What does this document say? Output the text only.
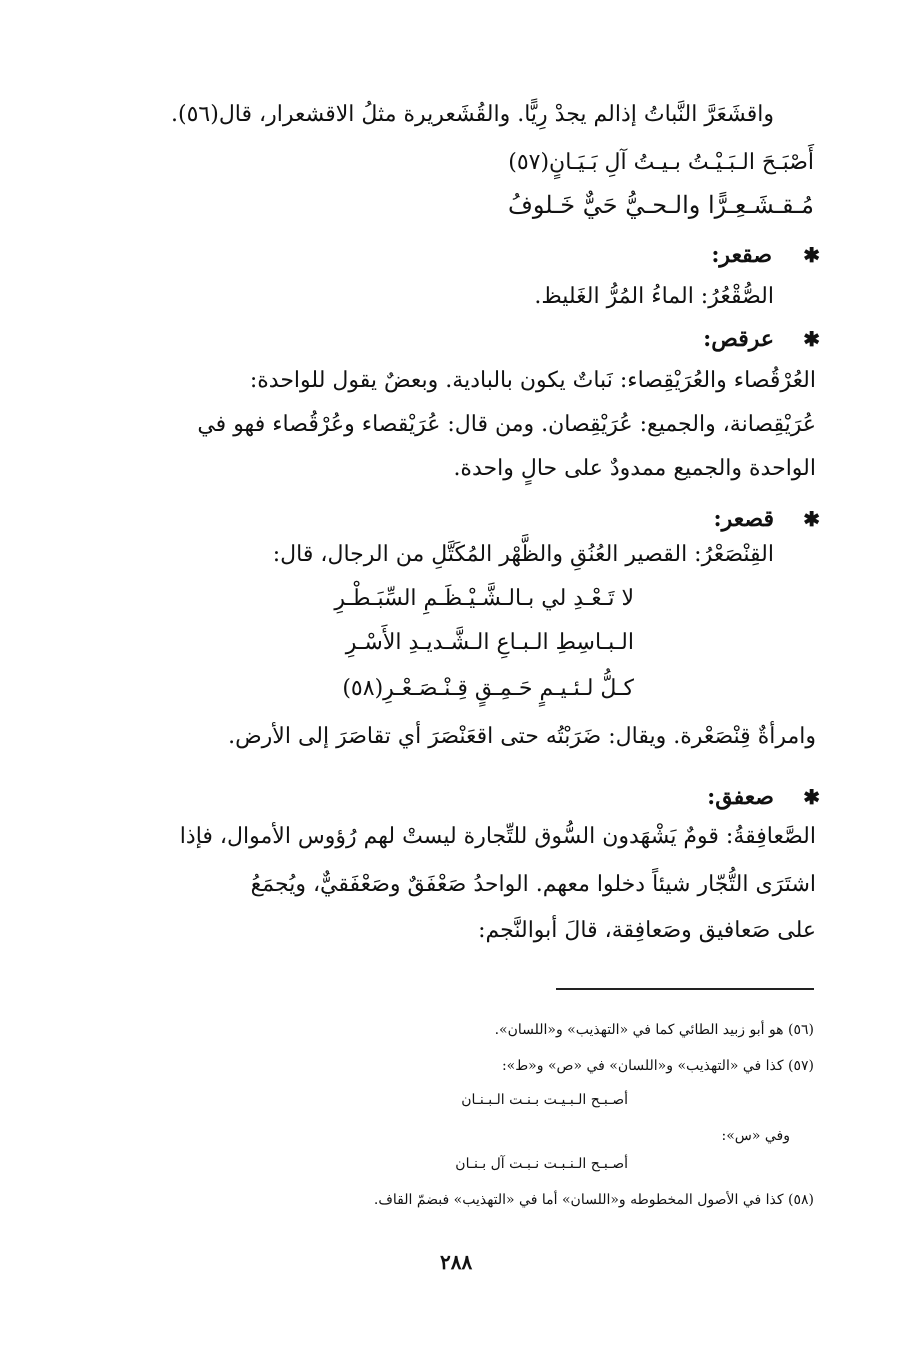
واقشَعَرَّ النَّباتُ إذالم يجدْ رِيًّا. والقُشَعريرة مثلُ الاقشعرار، قال(٥٦).
أَصْبَـحَ الـبَـيْـتُ بـيـتُ آلِ بَـيَـانٍ(٥٧)
مُـقـشَـعِـرًّا والـحـيُّ حَيٌّ خَـلوفُ
✱
صقعر:
الصُّقْعُرُ: الماءُ المُرُّ الغَليظ.
✱
عرقص:
العُرْقُصاء والعُرَيْقِصاء: نَباتٌ يكون بالبادية. وبعضٌ يقول للواحدة:
عُرَيْقِصانة، والجميع: عُرَيْقِصان. ومن قال: عُرَيْقصاء وعُرْقُصاء فهو في
الواحدة والجميع ممدودٌ على حالٍ واحدة.
✱
قصعر:
القِنْصَعْرُ: القصير العُنُقِ والظَّهْر المُكَتَّلِ من الرجال، قال:
لا تَـعْـدِ لي بـالـشَّـيْـظَـمِ السِّبَـطْـرِ
الـبـاسِطِ الـبـاعِ الـشَّـديـدِ الأَسْـرِ
كـلُّ لـئـيـمٍ حَـمِـقٍ قِـنْـصَـعْـرِ(٥٨)
وامرأةٌ قِنْصَعْرة. ويقال: ضَرَبْتُه حتى اقعَنْصَرَ أي تقاصَرَ إلى الأرض.
✱
صعفق:
الصَّعافِقةُ: قومٌ يَشْهَدون السُّوق للتِّجارة ليستْ لهم رُؤوس الأموال، فإذا
اشتَرَى التُّجّار شيئاً دخلوا معهم. الواحدُ صَعْفَقٌ وصَعْفَقيٌّ، ويُجمَعُ
على صَعافيق وصَعافِقة، قالَ أبوالنَّجم:
(٥٦) هو أبو زبيد الطائي كما في «التهذيب» و«اللسان».
(٥٧) كذا في «التهذيب» و«اللسان» في «ص» و«ط»:
أصـبـح الـبـيـت بـنـت الـبـنـان
وفي «س»:
أصـبـح الـنـبـت نـبـت آل بـنـان
(٥٨) كذا في الأصول المخطوطه و«اللسان» أما في «التهذيب» فبضمّ القاف.
٢٨٨
